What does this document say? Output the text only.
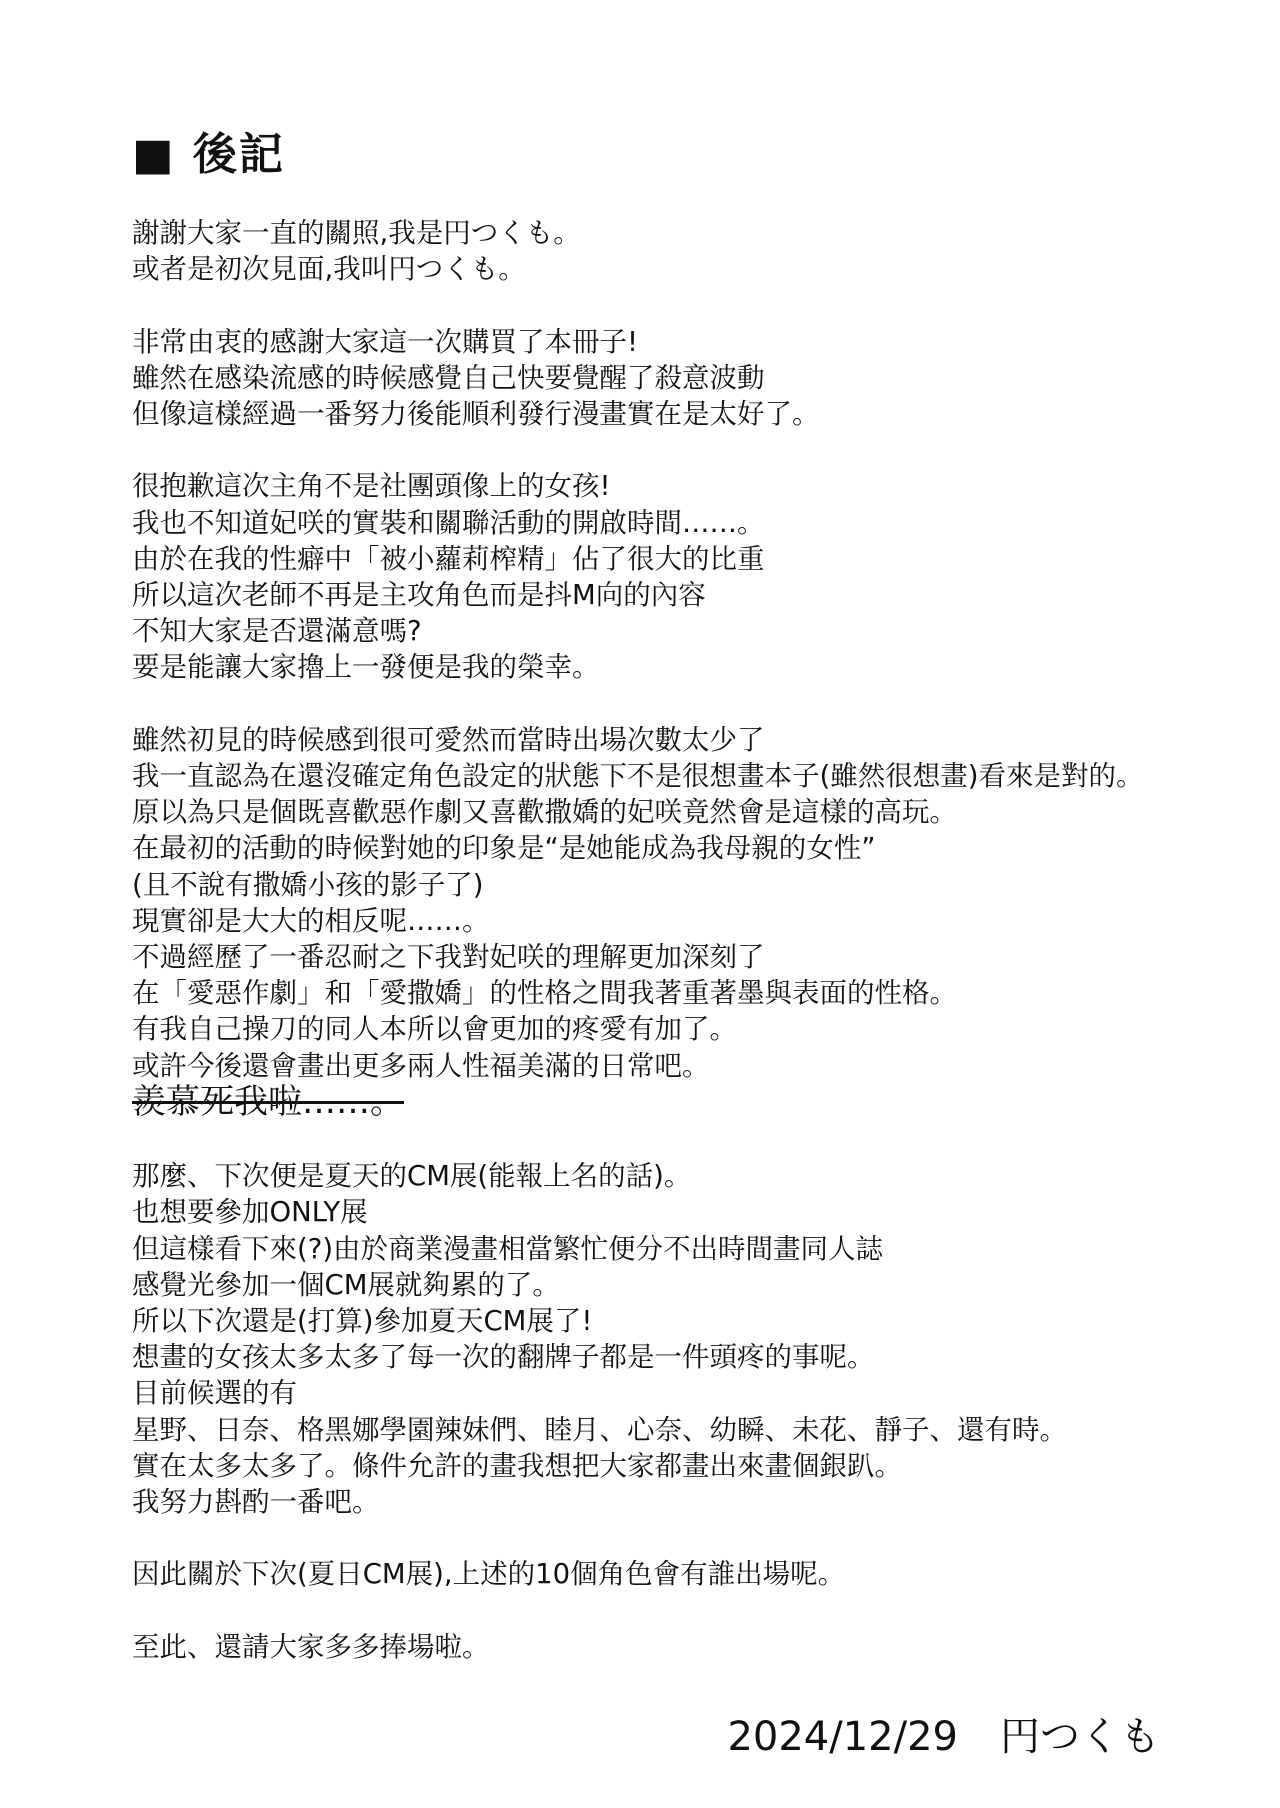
■ 後記
謝謝大家一直的關照,我是円つくも。
或者是初次見面,我叫円つくも。
非常由衷的感謝大家這一次購買了本冊子!
雖然在感染流感的時候感覺自己快要覺醒了殺意波動
但像這樣經過一番努力後能順利發行漫畫實在是太好了。
很抱歉這次主角不是社團頭像上的女孩!
我也不知道妃咲的實裝和關聯活動的開啟時間……。
由於在我的性癖中「被小蘿莉榨精」佔了很大的比重
所以這次老師不再是主攻角色而是抖M向的內容
不知大家是否還滿意嗎?
要是能讓大家擼上一發便是我的榮幸。
雖然初見的時候感到很可愛然而當時出場次數太少了
我一直認為在還沒確定角色設定的狀態下不是很想畫本子(雖然很想畫)看來是對的。
原以為只是個既喜歡惡作劇又喜歡撒嬌的妃咲竟然會是這樣的高玩。
在最初的活動的時候對她的印象是“是她能成為我母親的女性”
(且不說有撒嬌小孩的影子了)
現實卻是大大的相反呢……。
不過經歷了一番忍耐之下我對妃咲的理解更加深刻了
在「愛惡作劇」和「愛撒嬌」的性格之間我著重著墨與表面的性格。
有我自己操刀的同人本所以會更加的疼愛有加了。
或許今後還會畫出更多兩人性福美滿的日常吧。
羨慕死我啦……。
那麼、下次便是夏天的CM展(能報上名的話)。
也想要參加ONLY展
但這樣看下來(?)由於商業漫畫相當繁忙便分不出時間畫同人誌
感覺光參加一個CM展就夠累的了。
所以下次還是(打算)參加夏天CM展了!
想畫的女孩太多太多了每一次的翻牌子都是一件頭疼的事呢。
目前候選的有
星野、日奈、格黑娜學園辣妹們、睦月、心奈、幼瞬、未花、靜子、還有時。
實在太多太多了。條件允許的畫我想把大家都畫出來畫個銀趴。
我努力斟酌一番吧。
因此關於下次(夏日CM展),上述的10個角色會有誰出場呢。
至此、還請大家多多捧場啦。
2024/12/29 円つくも
